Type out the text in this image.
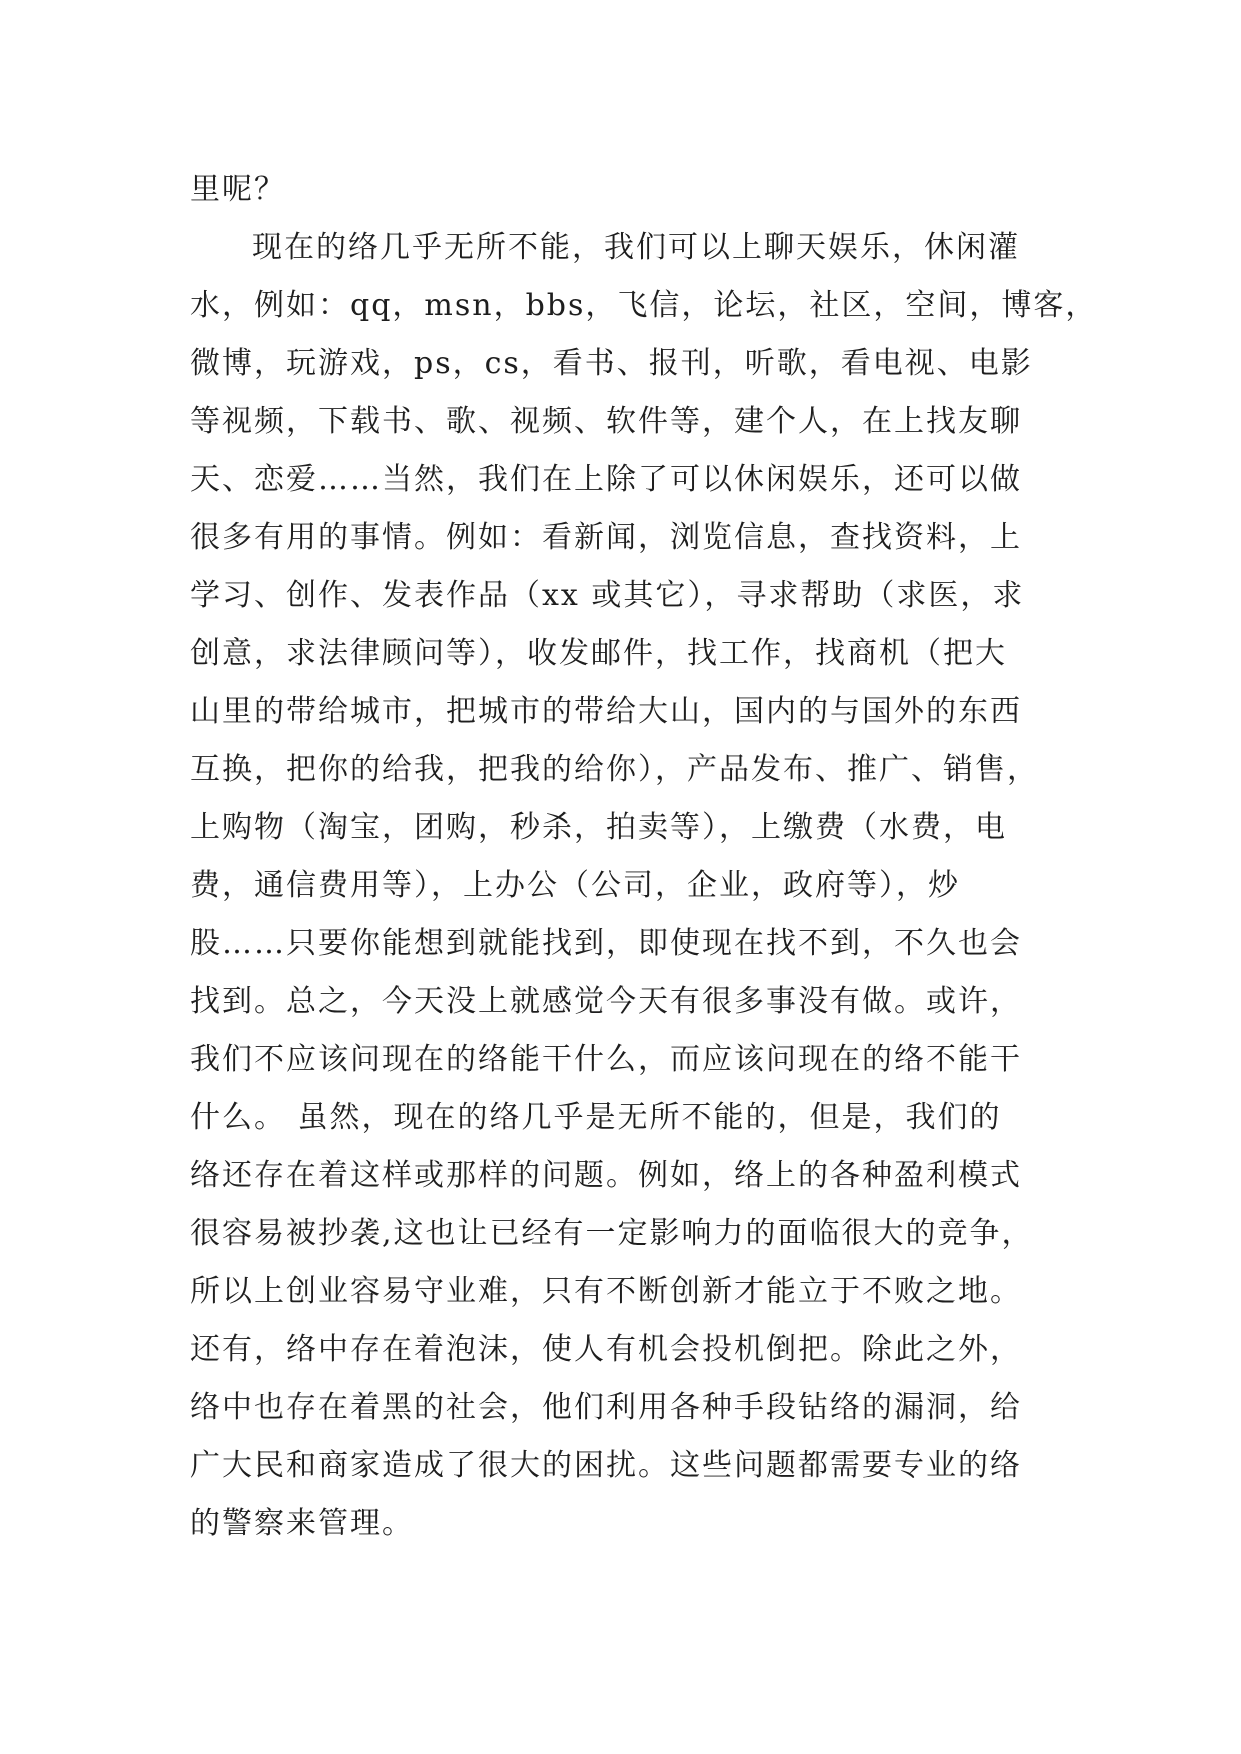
里呢？
现在的络几乎无所不能，我们可以上聊天娱乐，休闲灌
水，例如：qq，msn，bbs，飞信，论坛，社区，空间，博客，
微博，玩游戏，ps，cs，看书、报刊，听歌，看电视、电影
等视频，下载书、歌、视频、软件等，建个人，在上找友聊
天、恋爱……当然，我们在上除了可以休闲娱乐，还可以做
很多有用的事情。例如：看新闻，浏览信息，查找资料，上
学习、创作、发表作品（xx 或其它），寻求帮助（求医，求
创意，求法律顾问等），收发邮件，找工作，找商机（把大
山里的带给城市，把城市的带给大山，国内的与国外的东西
互换，把你的给我，把我的给你），产品发布、推广、销售，
上购物（淘宝，团购，秒杀，拍卖等），上缴费（水费，电
费，通信费用等），上办公（公司，企业，政府等），炒
股……只要你能想到就能找到，即使现在找不到，不久也会
找到。总之，今天没上就感觉今天有很多事没有做。或许，
我们不应该问现在的络能干什么，而应该问现在的络不能干
什么。 虽然，现在的络几乎是无所不能的，但是，我们的
络还存在着这样或那样的问题。例如，络上的各种盈利模式
很容易被抄袭,这也让已经有一定影响力的面临很大的竞争，
所以上创业容易守业难，只有不断创新才能立于不败之地。
还有，络中存在着泡沫，使人有机会投机倒把。除此之外，
络中也存在着黑的社会，他们利用各种手段钻络的漏洞，给
广大民和商家造成了很大的困扰。这些问题都需要专业的络
的警察来管理。
